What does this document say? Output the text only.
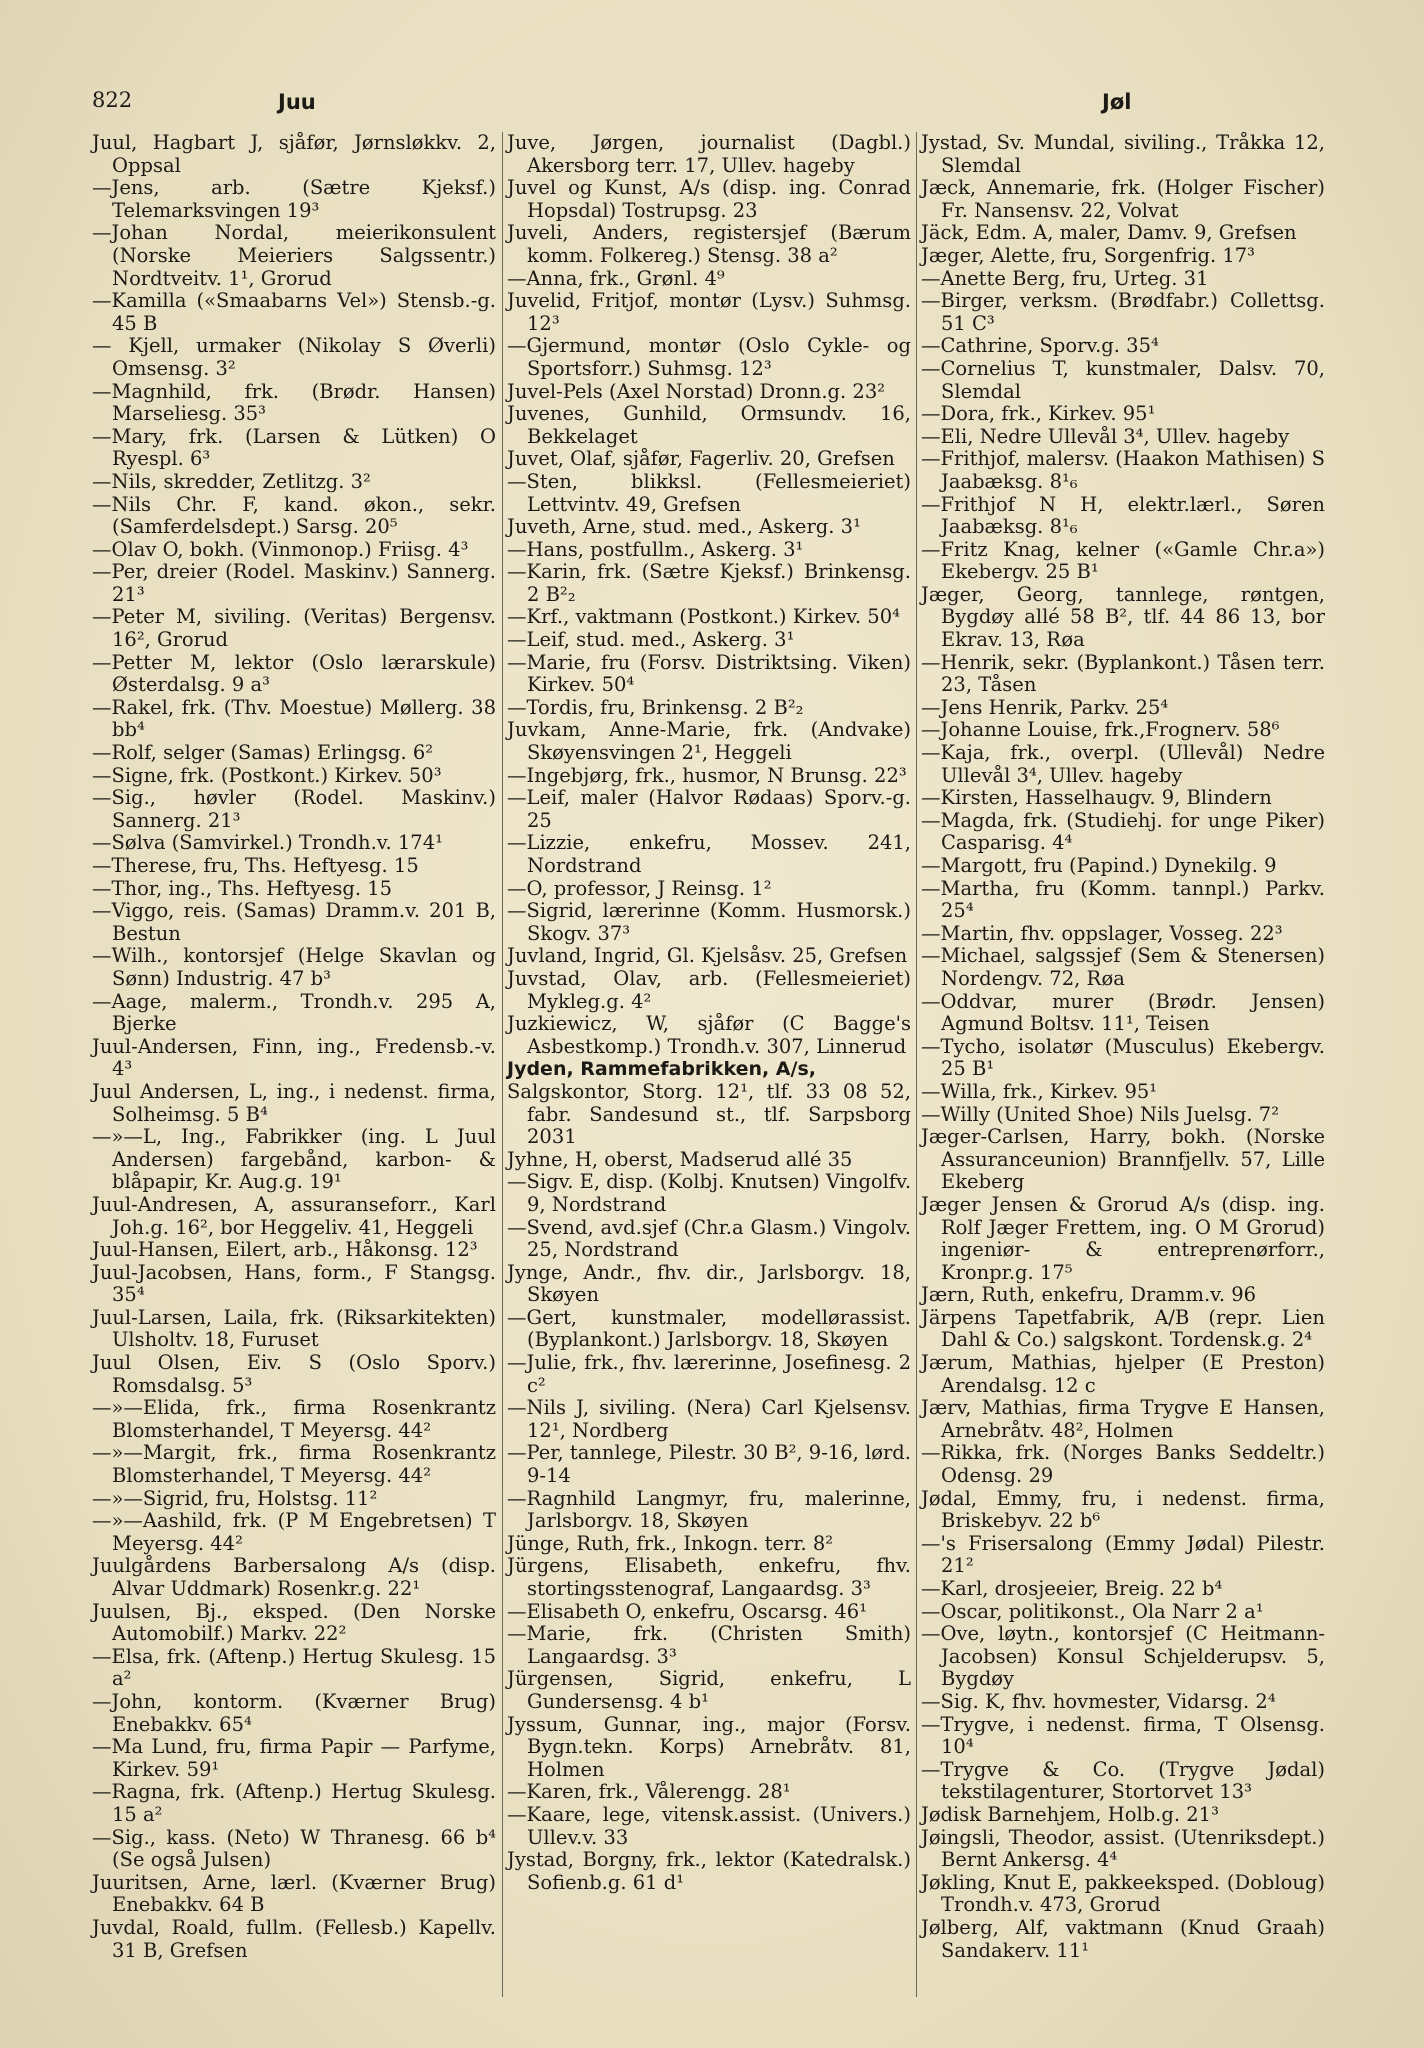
822	Juu	Jøl

Juul, Hagbart J, sjåfør, Jørnsløkkv. 2, Oppsal

—Jens, arb. (Sætre Kjeksf.) Telemarksvingen 19³

—Johan Nordal, meierikonsulent (Norske Meieriers Salgssentr.) Nordtveitv. 1¹, Grorud

—Kamilla («Smaabarns Vel») Stensb.-g. 45 B

— Kjell, urmaker (Nikolay S Øverli) Omsensg. 3²

—Magnhild, frk. (Brødr. Hansen) Marseliesg. 35³

—Mary, frk. (Larsen & Lütken) O Ryespl. 6³

—Nils, skredder, Zetlitzg. 3²

—Nils Chr. F, kand. økon., sekr. (Samferdelsdept.) Sarsg. 20⁵

—Olav O, bokh. (Vinmonop.) Friisg. 4³

—Per, dreier (Rodel. Maskinv.) Sannerg. 21³

—Peter M, siviling. (Veritas) Bergensv. 16², Grorud

—Petter M, lektor (Oslo lærarskule) Østerdalsg. 9 a³

—Rakel, frk. (Thv. Moestue) Møllerg. 38 bb⁴

—Rolf, selger (Samas) Erlingsg. 6²

—Signe, frk. (Postkont.) Kirkev. 50³

—Sig., høvler (Rodel. Maskinv.) Sannerg. 21³

—Sølva (Samvirkel.) Trondh.v. 174¹

—Therese, fru, Ths. Heftyesg. 15

—Thor, ing., Ths. Heftyesg. 15

—Viggo, reis. (Samas) Dramm.v. 201 B, Bestun

—Wilh., kontorsjef (Helge Skavlan og Sønn) Industrig. 47 b³

—Aage, malerm., Trondh.v. 295 A, Bjerke

Juul-Andersen, Finn, ing., Fredensb.-v. 4³

Juul Andersen, L, ing., i nedenst. firma, Solheimsg. 5 B⁴

—»—L, Ing., Fabrikker (ing. L Juul Andersen) fargebånd, karbon- & blåpapir, Kr. Aug.g. 19¹

Juul-Andresen, A, assuranseforr., Karl Joh.g. 16², bor Heggeliv. 41, Heggeli

Juul-Hansen, Eilert, arb., Håkonsg. 12³

Juul-Jacobsen, Hans, form., F Stangsg. 35⁴

Juul-Larsen, Laila, frk. (Riksarkitekten) Ulsholtv. 18, Furuset

Juul Olsen, Eiv. S (Oslo Sporv.) Romsdalsg. 5³

—»—Elida, frk., firma Rosenkrantz Blomsterhandel, T Meyersg. 44²

—»—Margit, frk., firma Rosenkrantz Blomsterhandel, T Meyersg. 44²

—»—Sigrid, fru, Holstsg. 11²

—»—Aashild, frk. (P M Engebretsen) T Meyersg. 44²

Juulgårdens Barbersalong A/s (disp. Alvar Uddmark) Rosenkr.g. 22¹

Juulsen, Bj., eksped. (Den Norske Automobilf.) Markv. 22²

—Elsa, frk. (Aftenp.) Hertug Skulesg. 15 a²

—John, kontorm. (Kværner Brug) Enebakkv. 65⁴

—Ma Lund, fru, firma Papir — Parfyme, Kirkev. 59¹

—Ragna, frk. (Aftenp.) Hertug Skulesg. 15 a²

—Sig., kass. (Neto) W Thranesg. 66 b⁴ (Se også Julsen)

Juuritsen, Arne, lærl. (Kværner Brug) Enebakkv. 64 B

Juvdal, Roald, fullm. (Fellesb.) Kapellv. 31 B, Grefsen

Juve, Jørgen, journalist (Dagbl.) Akersborg terr. 17, Ullev. hageby

Juvel og Kunst, A/s (disp. ing. Conrad Hopsdal) Tostrupsg. 23

Juveli, Anders, registersjef (Bærum komm. Folkereg.) Stensg. 38 a²

—Anna, frk., Grønl. 4⁹

Juvelid, Fritjof, montør (Lysv.) Suhmsg. 12³

—Gjermund, montør (Oslo Cykle- og Sportsforr.) Suhmsg. 12³

Juvel-Pels (Axel Norstad) Dronn.g. 23²

Juvenes, Gunhild, Ormsundv. 16, Bekkelaget

Juvet, Olaf, sjåfør, Fagerliv. 20, Grefsen

—Sten, blikksl. (Fellesmeieriet) Lettvintv. 49, Grefsen

Juveth, Arne, stud. med., Askerg. 3¹

—Hans, postfullm., Askerg. 3¹

—Karin, frk. (Sætre Kjeksf.) Brinkensg. 2 B²₂

—Krf., vaktmann (Postkont.) Kirkev. 50⁴

—Leif, stud. med., Askerg. 3¹

—Marie, fru (Forsv. Distriktsing. Viken) Kirkev. 50⁴

—Tordis, fru, Brinkensg. 2 B²₂

Juvkam, Anne-Marie, frk. (Andvake) Skøyensvingen 2¹, Heggeli

—Ingebjørg, frk., husmor, N Brunsg. 22³

—Leif, maler (Halvor Rødaas) Sporv.-g. 25

—Lizzie, enkefru, Mossev. 241, Nordstrand

—O, professor, J Reinsg. 1²

—Sigrid, lærerinne (Komm. Husmorsk.) Skogv. 37³

Juvland, Ingrid, Gl. Kjelsåsv. 25, Grefsen

Juvstad, Olav, arb. (Fellesmeieriet) Mykleg.g. 4²

Juzkiewicz, W, sjåfør (C Bagge's Asbestkomp.) Trondh.v. 307, Linnerud

Jyden, Rammefabrikken, A/s,

Salgskontor, Storg. 12¹, tlf. 33 08 52, fabr. Sandesund st., tlf. Sarpsborg 2031

Jyhne, H, oberst, Madserud allé 35

—Sigv. E, disp. (Kolbj. Knutsen) Vingolfv. 9, Nordstrand

—Svend, avd.sjef (Chr.a Glasm.) Vingolv. 25, Nordstrand

Jynge, Andr., fhv. dir., Jarlsborgv. 18, Skøyen

—Gert, kunstmaler, modellørassist. (Byplankont.) Jarlsborgv. 18, Skøyen

—Julie, frk., fhv. lærerinne, Josefinesg. 2 c²

—Nils J, siviling. (Nera) Carl Kjelsensv. 12¹, Nordberg

—Per, tannlege, Pilestr. 30 B², 9-16, lørd. 9-14

—Ragnhild Langmyr, fru, malerinne, Jarlsborgv. 18, Skøyen

Jünge, Ruth, frk., Inkogn. terr. 8²

Jürgens, Elisabeth, enkefru, fhv. stortingsstenograf, Langaardsg. 3³

—Elisabeth O, enkefru, Oscarsg. 46¹

—Marie, frk. (Christen Smith) Langaardsg. 3³

Jürgensen, Sigrid, enkefru, L Gundersensg. 4 b¹

Jyssum, Gunnar, ing., major (Forsv. Bygn.tekn. Korps) Arnebråtv. 81, Holmen

—Karen, frk., Vålerengg. 28¹

—Kaare, lege, vitensk.assist. (Univers.) Ullev.v. 33

Jystad, Borgny, frk., lektor (Katedralsk.) Sofienb.g. 61 d¹

Jystad, Sv. Mundal, siviling., Tråkka 12, Slemdal

Jæck, Annemarie, frk. (Holger Fischer) Fr. Nansensv. 22, Volvat

Jäck, Edm. A, maler, Damv. 9, Grefsen

Jæger, Alette, fru, Sorgenfrig. 17³

—Anette Berg, fru, Urteg. 31

—Birger, verksm. (Brødfabr.) Collettsg. 51 C³

—Cathrine, Sporv.g. 35⁴

—Cornelius T, kunstmaler, Dalsv. 70, Slemdal

—Dora, frk., Kirkev. 95¹

—Eli, Nedre Ullevål 3⁴, Ullev. hageby

—Frithjof, malersv. (Haakon Mathisen) S Jaabæksg. 8¹₆

—Frithjof N H, elektr.lærl., Søren Jaabæksg. 8¹₆

—Fritz Knag, kelner («Gamle Chr.a») Ekebergv. 25 B¹

Jæger, Georg, tannlege, røntgen, Bygdøy allé 58 B², tlf. 44 86 13, bor Ekrav. 13, Røa

—Henrik, sekr. (Byplankont.) Tåsen terr. 23, Tåsen

—Jens Henrik, Parkv. 25⁴

—Johanne Louise, frk.,Frognerv. 58⁶

—Kaja, frk., overpl. (Ullevål) Nedre Ullevål 3⁴, Ullev. hageby

—Kirsten, Hasselhaugv. 9, Blindern

—Magda, frk. (Studiehj. for unge Piker) Casparisg. 4⁴

—Margott, fru (Papind.) Dynekilg. 9

—Martha, fru (Komm. tannpl.) Parkv. 25⁴

—Martin, fhv. oppslager, Vosseg. 22³

—Michael, salgssjef (Sem & Stenersen) Nordengv. 72, Røa

—Oddvar, murer (Brødr. Jensen) Agmund Boltsv. 11¹, Teisen

—Tycho, isolatør (Musculus) Ekebergv. 25 B¹

—Willa, frk., Kirkev. 95¹

—Willy (United Shoe) Nils Juelsg. 7²

Jæger-Carlsen, Harry, bokh. (Norske Assuranceunion) Brannfjellv. 57, Lille Ekeberg

Jæger Jensen & Grorud A/s (disp. ing. Rolf Jæger Frettem, ing. O M Grorud) ingeniør- & entreprenørforr., Kronpr.g. 17⁵

Jærn, Ruth, enkefru, Dramm.v. 96

Järpens Tapetfabrik, A/B (repr. Lien Dahl & Co.) salgskont. Tordensk.g. 2⁴

Jærum, Mathias, hjelper (E Preston) Arendalsg. 12 c

Jærv, Mathias, firma Trygve E Hansen, Arnebråtv. 48², Holmen

—Rikka, frk. (Norges Banks Seddeltr.) Odensg. 29

Jødal, Emmy, fru, i nedenst. firma, Briskebyv. 22 b⁶

—'s Frisersalong (Emmy Jødal) Pilestr. 21²

—Karl, drosjeeier, Breig. 22 b⁴

—Oscar, politikonst., Ola Narr 2 a¹

—Ove, løytn., kontorsjef (C Heitmann-Jacobsen) Konsul Schjelderupsv. 5, Bygdøy

—Sig. K, fhv. hovmester, Vidarsg. 2⁴

—Trygve, i nedenst. firma, T Olsensg. 10⁴

—Trygve & Co. (Trygve Jødal) tekstilagenturer, Stortorvet 13³

Jødisk Barnehjem, Holb.g. 21³

Jøingsli, Theodor, assist. (Utenriksdept.) Bernt Ankersg. 4⁴

Jøkling, Knut E, pakkeeksped. (Dobloug) Trondh.v. 473, Grorud

Jølberg, Alf, vaktmann (Knud Graah) Sandakerv. 11¹
